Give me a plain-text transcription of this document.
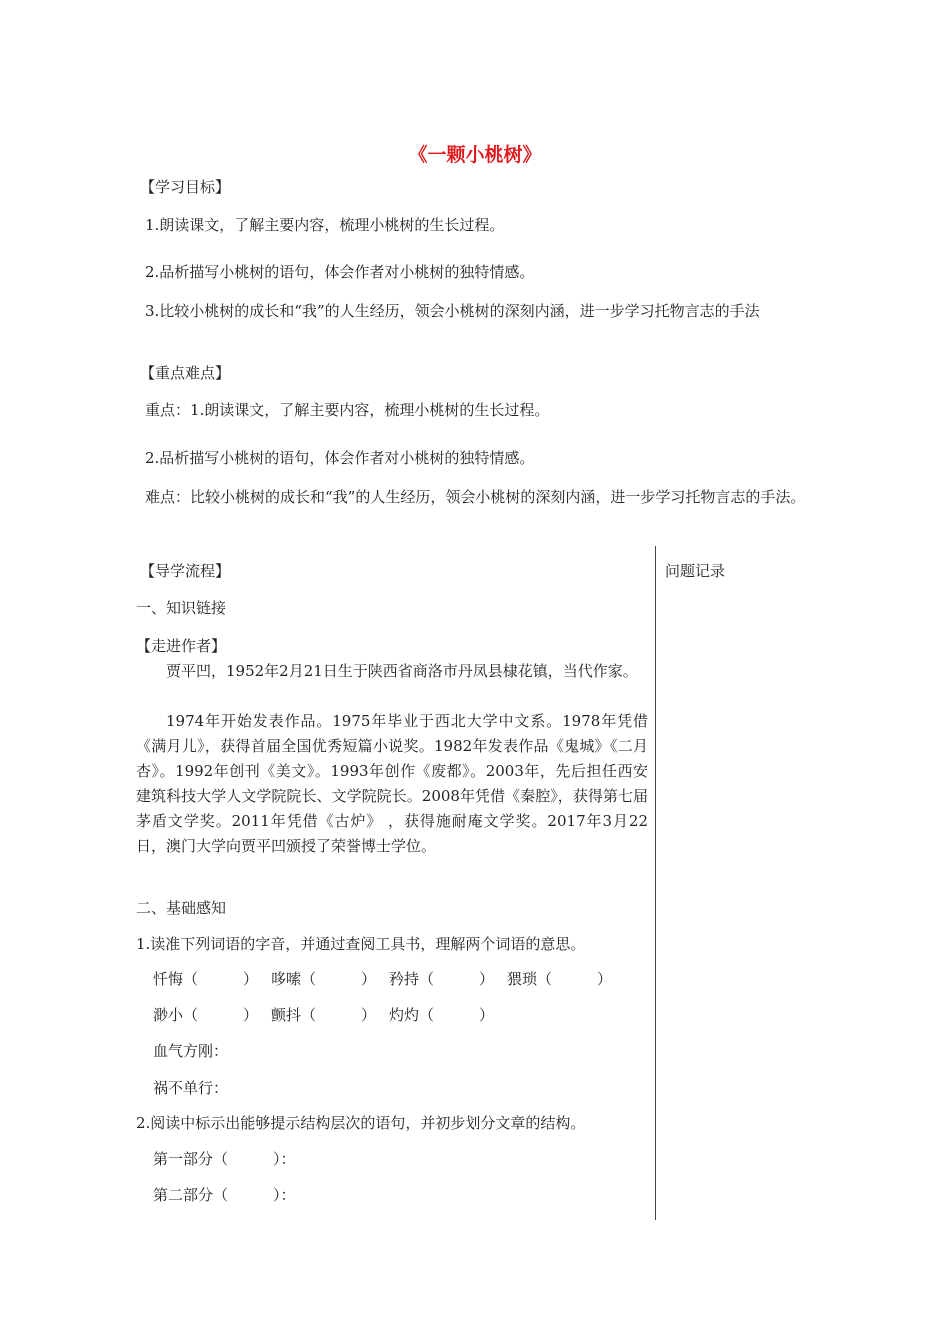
《一颗小桃树》
【学习目标】
1.朗读课文，了解主要内容，梳理小桃树的生长过程。
2.品析描写小桃树的语句，体会作者对小桃树的独特情感。
3.比较小桃树的成长和“我”的人生经历，领会小桃树的深刻内涵，进一步学习托物言志的手法
【重点难点】
重点：1.朗读课文，了解主要内容，梳理小桃树的生长过程。
2.品析描写小桃树的语句，体会作者对小桃树的独特情感。
难点：比较小桃树的成长和“我”的人生经历，领会小桃树的深刻内涵，进一步学习托物言志的手法。
问题记录
【导学流程】
一、知识链接
【走进作者】
贾平凹，1952年2月21日生于陕西省商洛市丹凤县棣花镇，当代作家。
1974年开始发表作品。1975年毕业于西北大学中文系。1978年凭借《满月儿》，获得首届全国优秀短篇小说奖。1982年发表作品《鬼城》《二月杏》。1992年创刊《美文》。1993年创作《废都》。2003年，先后担任西安建筑科技大学人文学院院长、文学院院长。2008年凭借《秦腔》，获得第七届茅盾文学奖。2011年凭借《古炉》 ，获得施耐庵文学奖。2017年3月22日，澳门大学向贾平凹颁授了荣誉博士学位。
二、基础感知
1.读准下列词语的字音，并通过查阅工具书，理解两个词语的意思。
忏悔（　　　） 哆嗦（　　　） 矜持（　　　） 猥琐（　　　）
渺小（　　　） 颤抖（　　　） 灼灼（　　　）
血气方刚：
祸不单行：
2.阅读中标示出能够提示结构层次的语句，并初步划分文章的结构。
第一部分（　　　）：
第二部分（　　　）：
